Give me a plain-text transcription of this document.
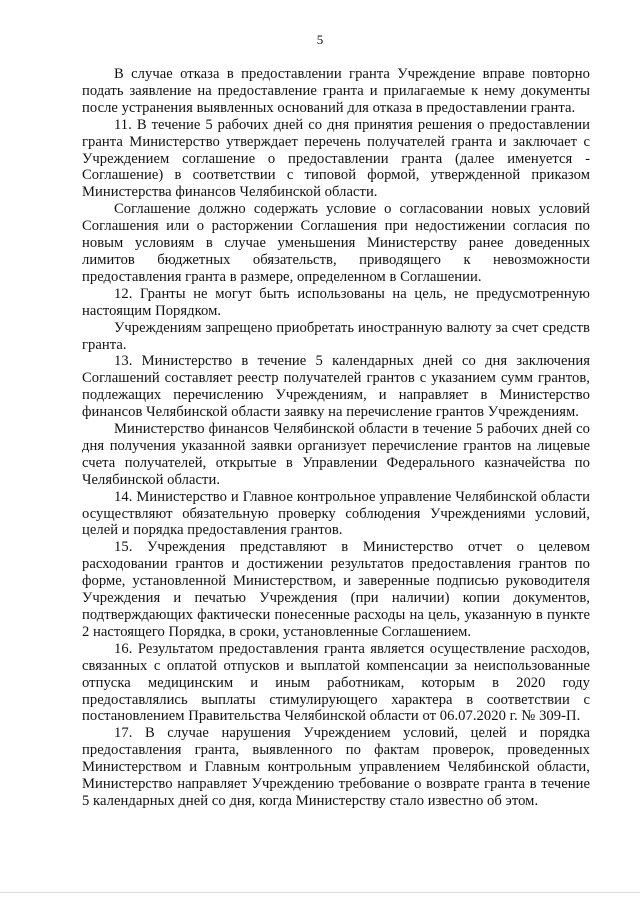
5

В случае отказа в предоставлении гранта Учреждение вправе повторно подать заявление на предоставление гранта и прилагаемые к нему документы после устранения выявленных оснований для отказа в предоставлении гранта.

11. В течение 5 рабочих дней со дня принятия решения о предоставлении гранта Министерство утверждает перечень получателей гранта и заключает с Учреждением соглашение о предоставлении гранта (далее именуется - Соглашение) в соответствии с типовой формой, утвержденной приказом Министерства финансов Челябинской области.

Соглашение должно содержать условие о согласовании новых условий Соглашения или о расторжении Соглашения при недостижении согласия по новым условиям в случае уменьшения Министерству ранее доведенных лимитов бюджетных обязательств, приводящего к невозможности предоставления гранта в размере, определенном в Соглашении.

12. Гранты не могут быть использованы на цель, не предусмотренную настоящим Порядком.

Учреждениям запрещено приобретать иностранную валюту за счет средств гранта.

13. Министерство в течение 5 календарных дней со дня заключения Соглашений составляет реестр получателей грантов с указанием сумм грантов, подлежащих перечислению Учреждениям, и направляет в Министерство финансов Челябинской области заявку на перечисление грантов Учреждениям.

Министерство финансов Челябинской области в течение 5 рабочих дней со дня получения указанной заявки организует перечисление грантов на лицевые счета получателей, открытые в Управлении Федерального казначейства по Челябинской области.

14. Министерство и Главное контрольное управление Челябинской области осуществляют обязательную проверку соблюдения Учреждениями условий, целей и порядка предоставления грантов.

15. Учреждения представляют в Министерство отчет о целевом расходовании грантов и достижении результатов предоставления грантов по форме, установленной Министерством, и заверенные подписью руководителя Учреждения и печатью Учреждения (при наличии) копии документов, подтверждающих фактически понесенные расходы на цель, указанную в пункте 2 настоящего Порядка, в сроки, установленные Соглашением.

16. Результатом предоставления гранта является осуществление расходов, связанных с оплатой отпусков и выплатой компенсации за неиспользованные отпуска медицинским и иным работникам, которым в 2020 году предоставлялись выплаты стимулирующего характера в соответствии с постановлением Правительства Челябинской области от 06.07.2020 г. № 309-П.

17. В случае нарушения Учреждением условий, целей и порядка предоставления гранта, выявленного по фактам проверок, проведенных Министерством и Главным контрольным управлением Челябинской области, Министерство направляет Учреждению требование о возврате гранта в течение 5 календарных дней со дня, когда Министерству стало известно об этом.
